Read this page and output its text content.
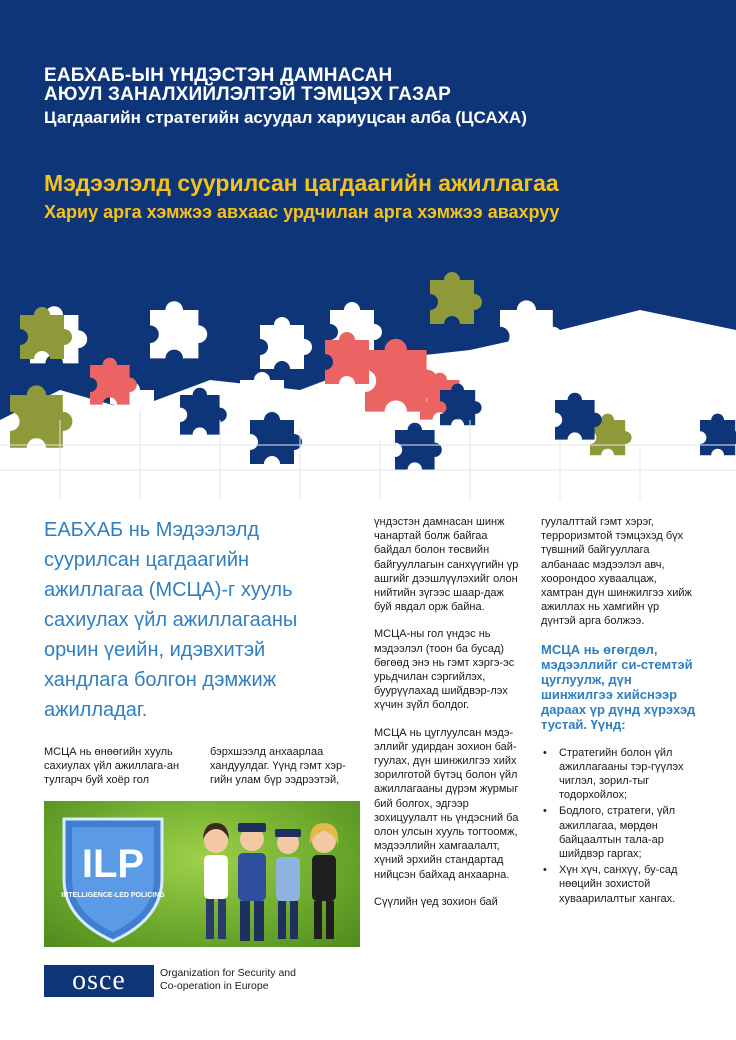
ЕАБХАБ-ЫН ҮНДЭСТЭН ДАМНАСАН
АЮУЛ ЗАНАЛХИЙЛЭЛТЭЙ ТЭМЦЭХ ГАЗАР
Цагдаагийн стратегийн асуудал хариуцсан алба (ЦСАХА)
Мэдээлэлд суурилсан цагдаагийн ажиллагаа
Хариу арга хэмжээ авхаас урдчилан арга хэмжээ авахруу
ЕАБХАБ нь Мэдээлэлд суурилсан цагдаагийн ажиллагаа (МСЦА)-г хууль сахиулах үйл ажиллагааны орчин үеийн, идэвхитэй хандлага болгон дэмжиж ажилладаг.

МСЦА нь өнөөгийн хууль сахиулах үйл ажиллага-ан тулгарч буй хоёр гол

бэрхшээлд анхаарлаа хандуулдаг. Үүнд гэмт хэр-гийн улам бүр ээдрээтэй,

үндэстэн дамнасан шинж чанартай болж байгаа байдал болон төсвийн байгууллагын санхүүгийн үр ашгийг дээшлүүлэхийг олон нийтийн зүгээс шаар-даж буй явдал орж байна.

МСЦА-ны гол үндэс нь мэдээлэл (тоон ба бусад) бөгөөд энэ нь гэмт хэргэ-эс урьдчилан сэргийлэх, буурүүлахад шийдвэр-лэх хүчин зүйл болдог.

МСЦА нь цуглуулсан мэдэ-эллийг удирдан зохион бай-гуулах, дүн шинжилгээ хийх зорилготой бүтэц болон үйл ажиллагааны дүрэм журмыг бий болгох, эдгээр зохицуулалт нь үндэсний ба олон улсын хууль тогтоомж, мэдээллийн хамгаалалт, хүний эрхийн стандартад нийцсэн байхад анхаарна.

Сүүлийн үед зохион бай

гуулалттай гэмт хэрэг, терроризмтой тэмцэхэд бүх түвшний байгууллага албанаас мэдээлэл авч, хоорондоо хуваалцаж, хамтран дүн шинжилгээ хийж ажиллах нь хамгийн үр дүнтэй арга болжээ.

МСЦА нь өгөгдөл, мэдээллийг си-стемтэй цуглуулж, дүн шинжилгээ хийснээр дараах үр дүнд хүрэхэд тустай. Үүнд:

• Стратегийн болон үйл ажиллагааны тэр-гүүлэх чиглэл, зорил-тыг тодорхойлох;
• Бодлого, стратеги, үйл ажиллагаа, мөрдөн байцаалтын тала-ар шийдвэр гаргах;
• Хүн хүч, санхүү, бу-сад нөөцийн зохистой хуваарилалтыг хангах.
ILP
INTELLIGENCE-LED POLICING
osce	Organization for Security and
Co-operation in Europe
